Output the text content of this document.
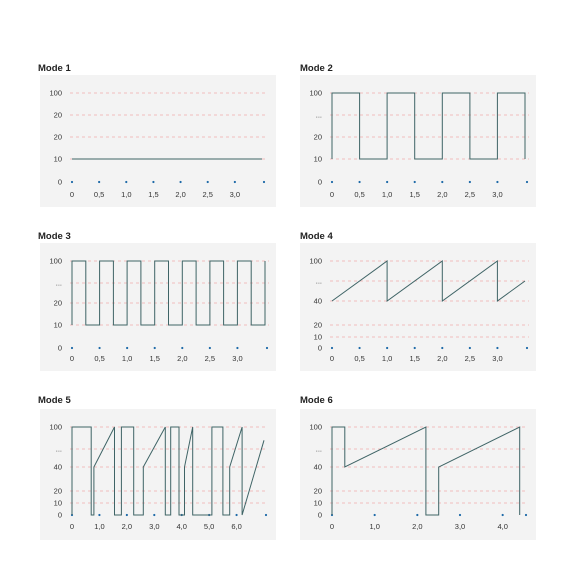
Mode 1
0
10
20
20
100
0	0,5 1,0 1,5 2,0 2,5 3,0
Mode 2
0
10
20
...
100
0	0,5 1,0 1,5 2,0 2,5 3,0
Mode 3
0
10
20
...
100
0	0,5 1,0 1,5 2,0 2,5 3,0
Mode 4
0
10
20
40
...
100
0	0,5 1,0 1,5 2,0 2,5 3,0
Mode 5
0
10
20
40
...
100
0	1,0 2,0 3,0 4,0 5,0 6,0
Mode 6
0
10
20
40
...
100
0	1,0	2,0	3,0	4,0
